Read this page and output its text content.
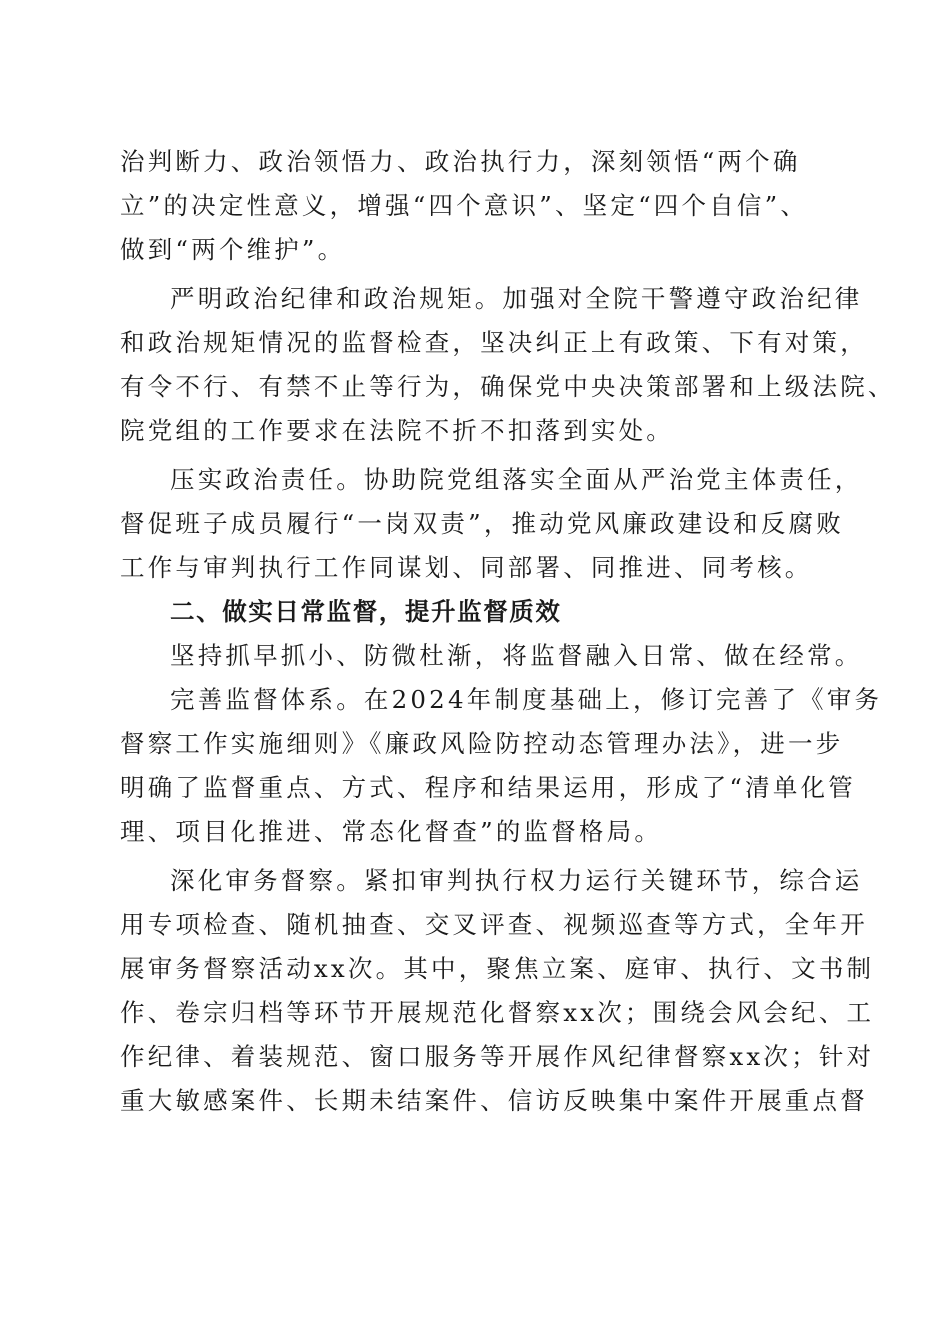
治判断力、政治领悟力、政治执行力，深刻领悟“两个确
立”的决定性意义，增强“四个意识”、坚定“四个自信”、
做到“两个维护”。
严明政治纪律和政治规矩。加强对全院干警遵守政治纪律
和政治规矩情况的监督检查，坚决纠正上有政策、下有对策，
有令不行、有禁不止等行为，确保党中央决策部署和上级法院、
院党组的工作要求在法院不折不扣落到实处。
压实政治责任。协助院党组落实全面从严治党主体责任，
督促班子成员履行“一岗双责”，推动党风廉政建设和反腐败
工作与审判执行工作同谋划、同部署、同推进、同考核。
二、做实日常监督，提升监督质效
坚持抓早抓小、防微杜渐，将监督融入日常、做在经常。
完善监督体系。在2024年制度基础上，修订完善了《审务
督察工作实施细则》《廉政风险防控动态管理办法》，进一步
明确了监督重点、方式、程序和结果运用，形成了“清单化管
理、项目化推进、常态化督查”的监督格局。
深化审务督察。紧扣审判执行权力运行关键环节，综合运
用专项检查、随机抽查、交叉评查、视频巡查等方式，全年开
展审务督察活动xx次。其中，聚焦立案、庭审、执行、文书制
作、卷宗归档等环节开展规范化督察xx次；围绕会风会纪、工
作纪律、着装规范、窗口服务等开展作风纪律督察xx次；针对
重大敏感案件、长期未结案件、信访反映集中案件开展重点督
